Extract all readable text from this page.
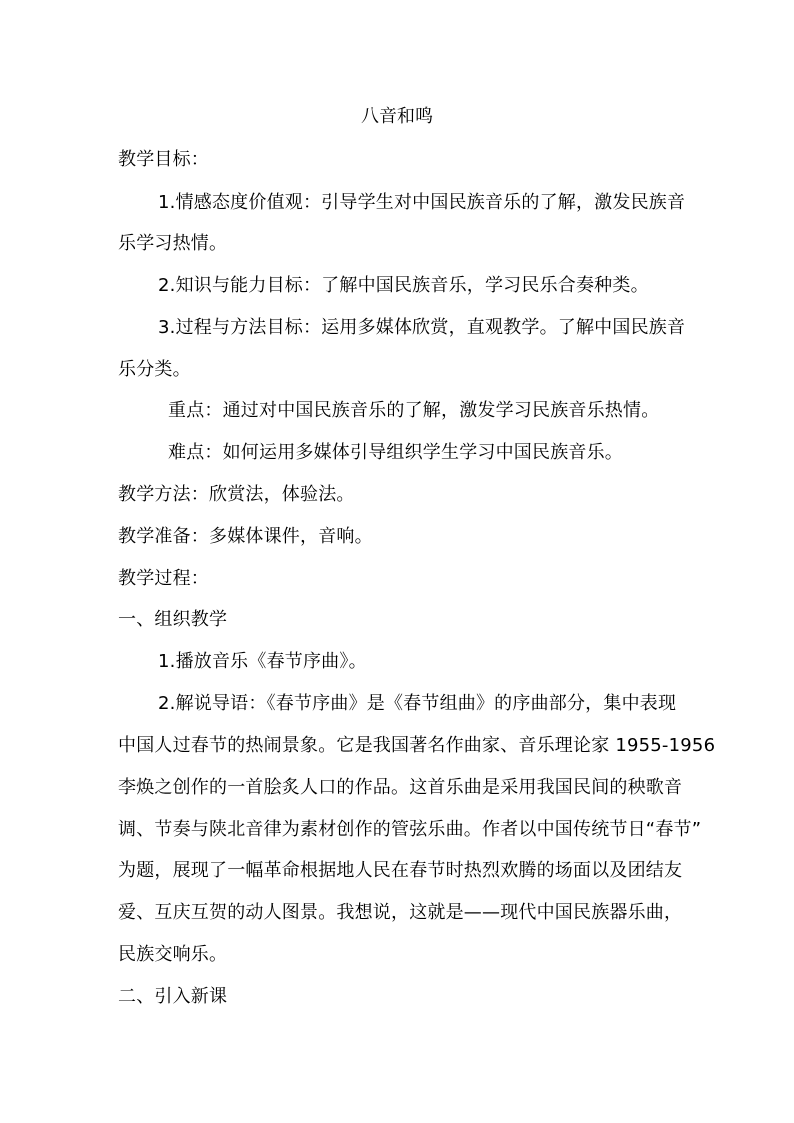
八音和鸣
教学目标：
1.情感态度价值观：引导学生对中国民族音乐的了解，激发民族音
乐学习热情。
2.知识与能力目标：了解中国民族音乐，学习民乐合奏种类。
3.过程与方法目标：运用多媒体欣赏，直观教学。了解中国民族音
乐分类。
重点：通过对中国民族音乐的了解，激发学习民族音乐热情。
难点：如何运用多媒体引导组织学生学习中国民族音乐。
教学方法：欣赏法，体验法。
教学准备：多媒体课件，音响。
教学过程：
一、组织教学
1.播放音乐《春节序曲》。
2.解说导语：《春节序曲》是《春节组曲》的序曲部分，集中表现
中国人过春节的热闹景象。它是我国著名作曲家、音乐理论家 1955-1956
李焕之创作的一首脍炙人口的作品。这首乐曲是采用我国民间的秧歌音
调、节奏与陕北音律为素材创作的管弦乐曲。作者以中国传统节日“春节”
为题，展现了一幅革命根据地人民在春节时热烈欢腾的场面以及团结友
爱、互庆互贺的动人图景。我想说，这就是——现代中国民族器乐曲，
民族交响乐。
二、引入新课
